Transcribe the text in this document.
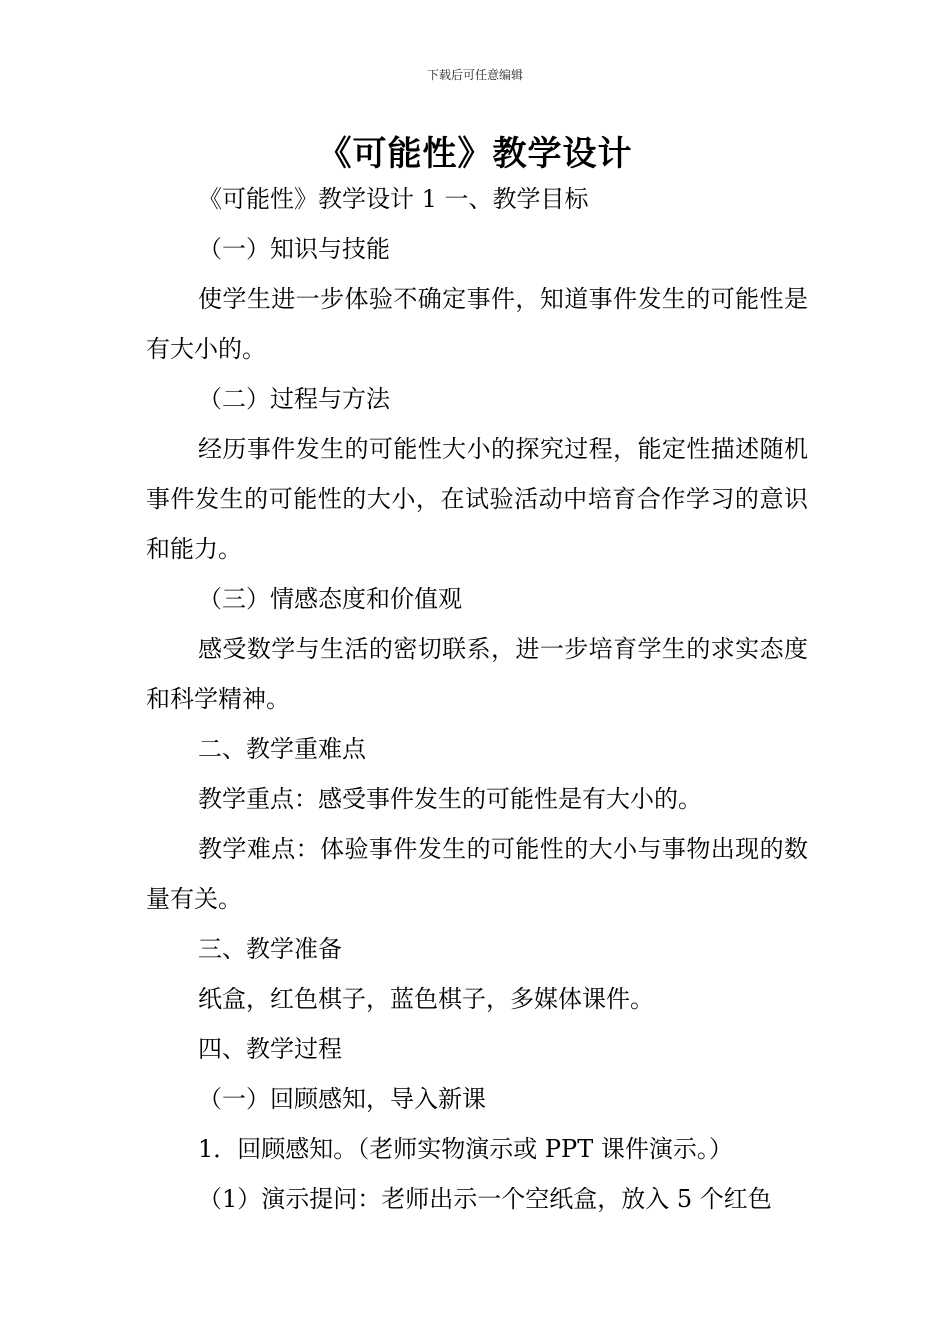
下载后可任意编辑
《可能性》教学设计

《可能性》教学设计 1 一、教学目标

（一）知识与技能

使学生进一步体验不确定事件，知道事件发生的可能性是有大小的。

（二）过程与方法

经历事件发生的可能性大小的探究过程，能定性描述随机事件发生的可能性的大小，在试验活动中培育合作学习的意识和能力。

（三）情感态度和价值观

感受数学与生活的密切联系，进一步培育学生的求实态度和科学精神。

二、教学重难点

教学重点：感受事件发生的可能性是有大小的。

教学难点：体验事件发生的可能性的大小与事物出现的数量有关。

三、教学准备

纸盒，红色棋子，蓝色棋子，多媒体课件。

四、教学过程

（一）回顾感知，导入新课

1．回顾感知。（老师实物演示或 PPT 课件演示。）

（1）演示提问：老师出示一个空纸盒，放入 5 个红色
